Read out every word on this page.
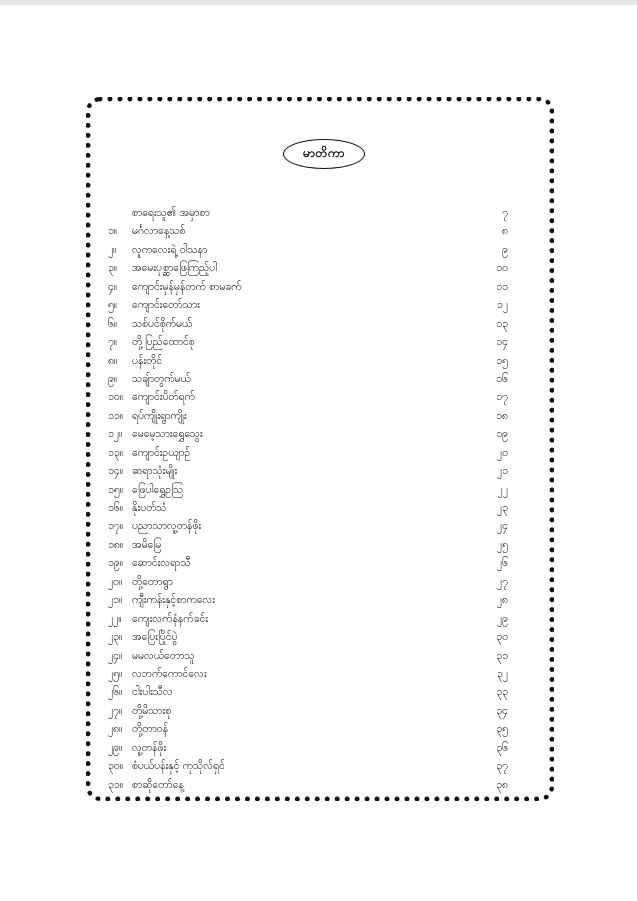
မာတိကာ
စာရေးသူ၏ အမှာစာ	၇
၁။	မင်္ဂလာနေ့သစ်	၈
၂။	လူကလေးရဲ့ ဝါသနာ	၉
၃။	အမေးပုစ္ဆာဖြေကြည့်ပါ	၁၀
၄။	ကျောင်းမှန်မှန်တက် စာမခက်	၁၁
၅။	ကျောင်းတော်သား	၁၂
၆။	သစ်ပင်စိုက်မယ်	၁၃
၇။	တို့ပြည်ထောင်စု	၁၄
၈။	ပန်းတိုင်	၁၅
၉။	သချ်ာတွက်မယ်	၁၆
၁၀။ ကျောင်းပိတ်ရက်	၁၇
၁၁။ ရပ်ကျိုးရွာကျိုး	၁၈
၁၂။ မေမေ့သားရွှေသွေး	၁၉
၁၃။ ကျောင်းဥယျာဉ်	၂၀
၁၄။ ဆရာသုံးမျိုး	၂၁
၁၅။ ဖြေပါရွှေဥဩ	၂၂
၁၆။ နိုးပတ်သံ	၂၃
၁၇။ ပညာသာလူ့တန်ဖိုး	၂၄
၁၈။ အမိမြေ	၂၅
၁၉။ ဆောင်းလရာသီ	၂၆
၂၀။ တို့တောရွာ	၂၇
၂၁။ ကျီးကန်းနှင့်စာကလေး	၂၈
၂၂။	ကျေးလက်နံနက်ခင်း	၂၉
၂၃။ အပြေးပြိုင်ပွဲ	၃၀
၂၄။ မမလယ်တောသူ	၃၁
၂၅။ လဘက်ကောင်လေး	၃၂
၂၆။ ငါးပါးသီလ	၃၃
၂၇။ တို့မိသားစု	၃၄
၂၈။ တို့တာဝန်	၃၅
၂၉။ လူ့တန်ဖိုး	၃၆
၃၀။ စံပယ်ပန်းနှင့် ကုသိုလ်ရှင်	၃၇
၃၁။ စာဆိုတော်နေ့	၃၈
